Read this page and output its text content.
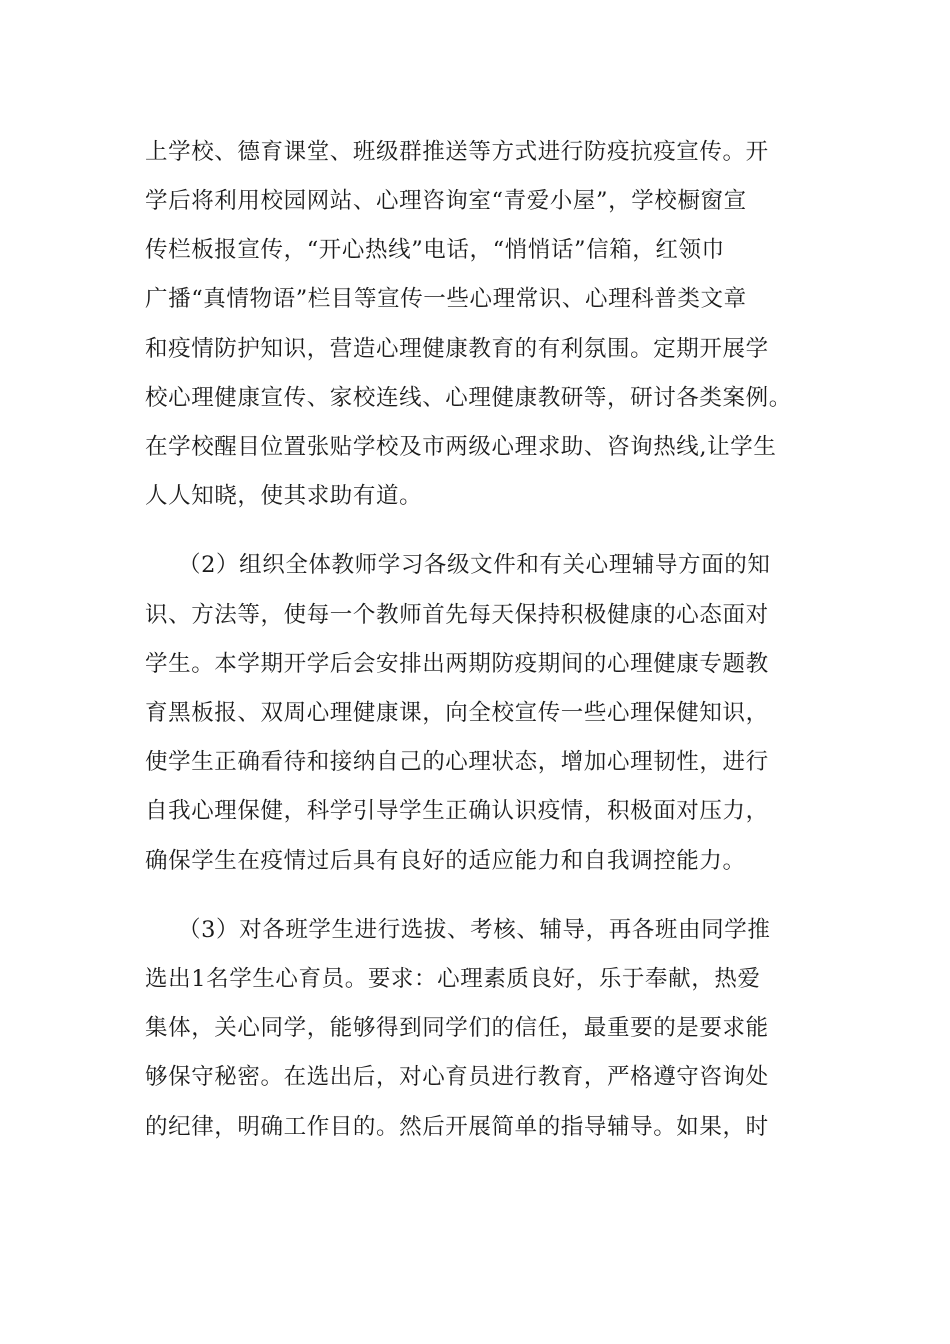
上学校、德育课堂、班级群推送等方式进行防疫抗疫宣传。开
学后将利用校园网站、心理咨询室“青爱小屋”，学校橱窗宣
传栏板报宣传，“开心热线”电话，“悄悄话”信箱，红领巾
广播“真情物语”栏目等宣传一些心理常识、心理科普类文章
和疫情防护知识，营造心理健康教育的有利氛围。定期开展学
校心理健康宣传、家校连线、心理健康教研等，研讨各类案例。
在学校醒目位置张贴学校及市两级心理求助、咨询热线,让学生
人人知晓，使其求助有道。
（2）组织全体教师学习各级文件和有关心理辅导方面的知
识、方法等，使每一个教师首先每天保持积极健康的心态面对
学生。本学期开学后会安排出两期防疫期间的心理健康专题教
育黑板报、双周心理健康课，向全校宣传一些心理保健知识，
使学生正确看待和接纳自己的心理状态，增加心理韧性，进行
自我心理保健，科学引导学生正确认识疫情，积极面对压力，
确保学生在疫情过后具有良好的适应能力和自我调控能力。
（3）对各班学生进行选拔、考核、辅导，再各班由同学推
选出1名学生心育员。要求：心理素质良好，乐于奉献，热爱
集体，关心同学，能够得到同学们的信任，最重要的是要求能
够保守秘密。在选出后，对心育员进行教育，严格遵守咨询处
的纪律，明确工作目的。然后开展简单的指导辅导。如果，时
